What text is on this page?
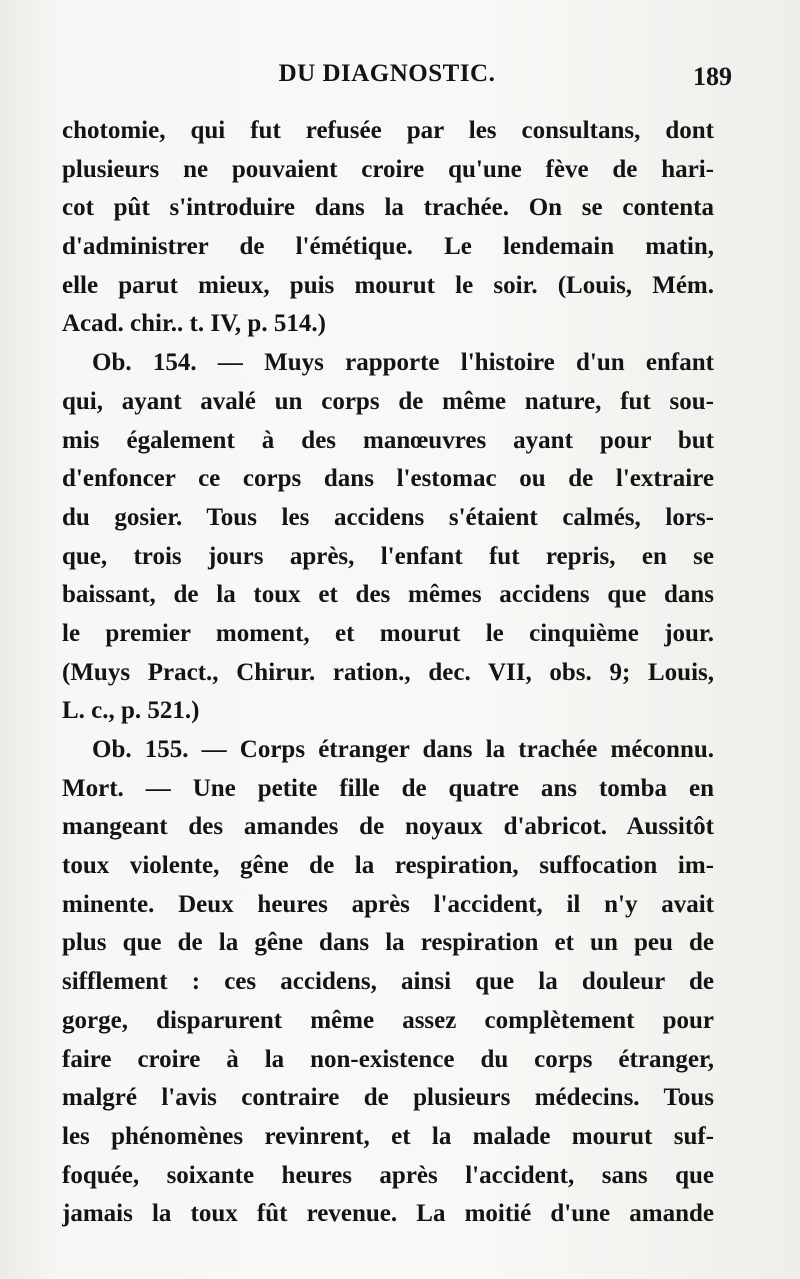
DU DIAGNOSTIC.	189
chotomie, qui fut refusée par les consultans, dont
plusieurs ne pouvaient croire qu'une fève de hari-
cot pût s'introduire dans la trachée. On se contenta
d'administrer de l'émétique. Le lendemain matin,
elle parut mieux, puis mourut le soir. (Louis, Mém.
Acad. chir.. t. IV, p. 514.)
Ob. 154. — Muys rapporte l'histoire d'un enfant
qui, ayant avalé un corps de même nature, fut sou-
mis également à des manœuvres ayant pour but
d'enfoncer ce corps dans l'estomac ou de l'extraire
du gosier. Tous les accidens s'étaient calmés, lors-
que, trois jours après, l'enfant fut repris, en se
baissant, de la toux et des mêmes accidens que dans
le premier moment, et mourut le cinquième jour.
(Muys Pract., Chirur. ration., dec. VII, obs. 9; Louis,
L. c., p. 521.)
Ob. 155. — Corps étranger dans la trachée méconnu.
Mort. — Une petite fille de quatre ans tomba en
mangeant des amandes de noyaux d'abricot. Aussitôt
toux violente, gêne de la respiration, suffocation im-
minente. Deux heures après l'accident, il n'y avait
plus que de la gêne dans la respiration et un peu de
sifflement : ces accidens, ainsi que la douleur de
gorge, disparurent même assez complètement pour
faire croire à la non-existence du corps étranger,
malgré l'avis contraire de plusieurs médecins. Tous
les phénomènes revinrent, et la malade mourut suf-
foquée, soixante heures après l'accident, sans que
jamais la toux fût revenue. La moitié d'une amande
